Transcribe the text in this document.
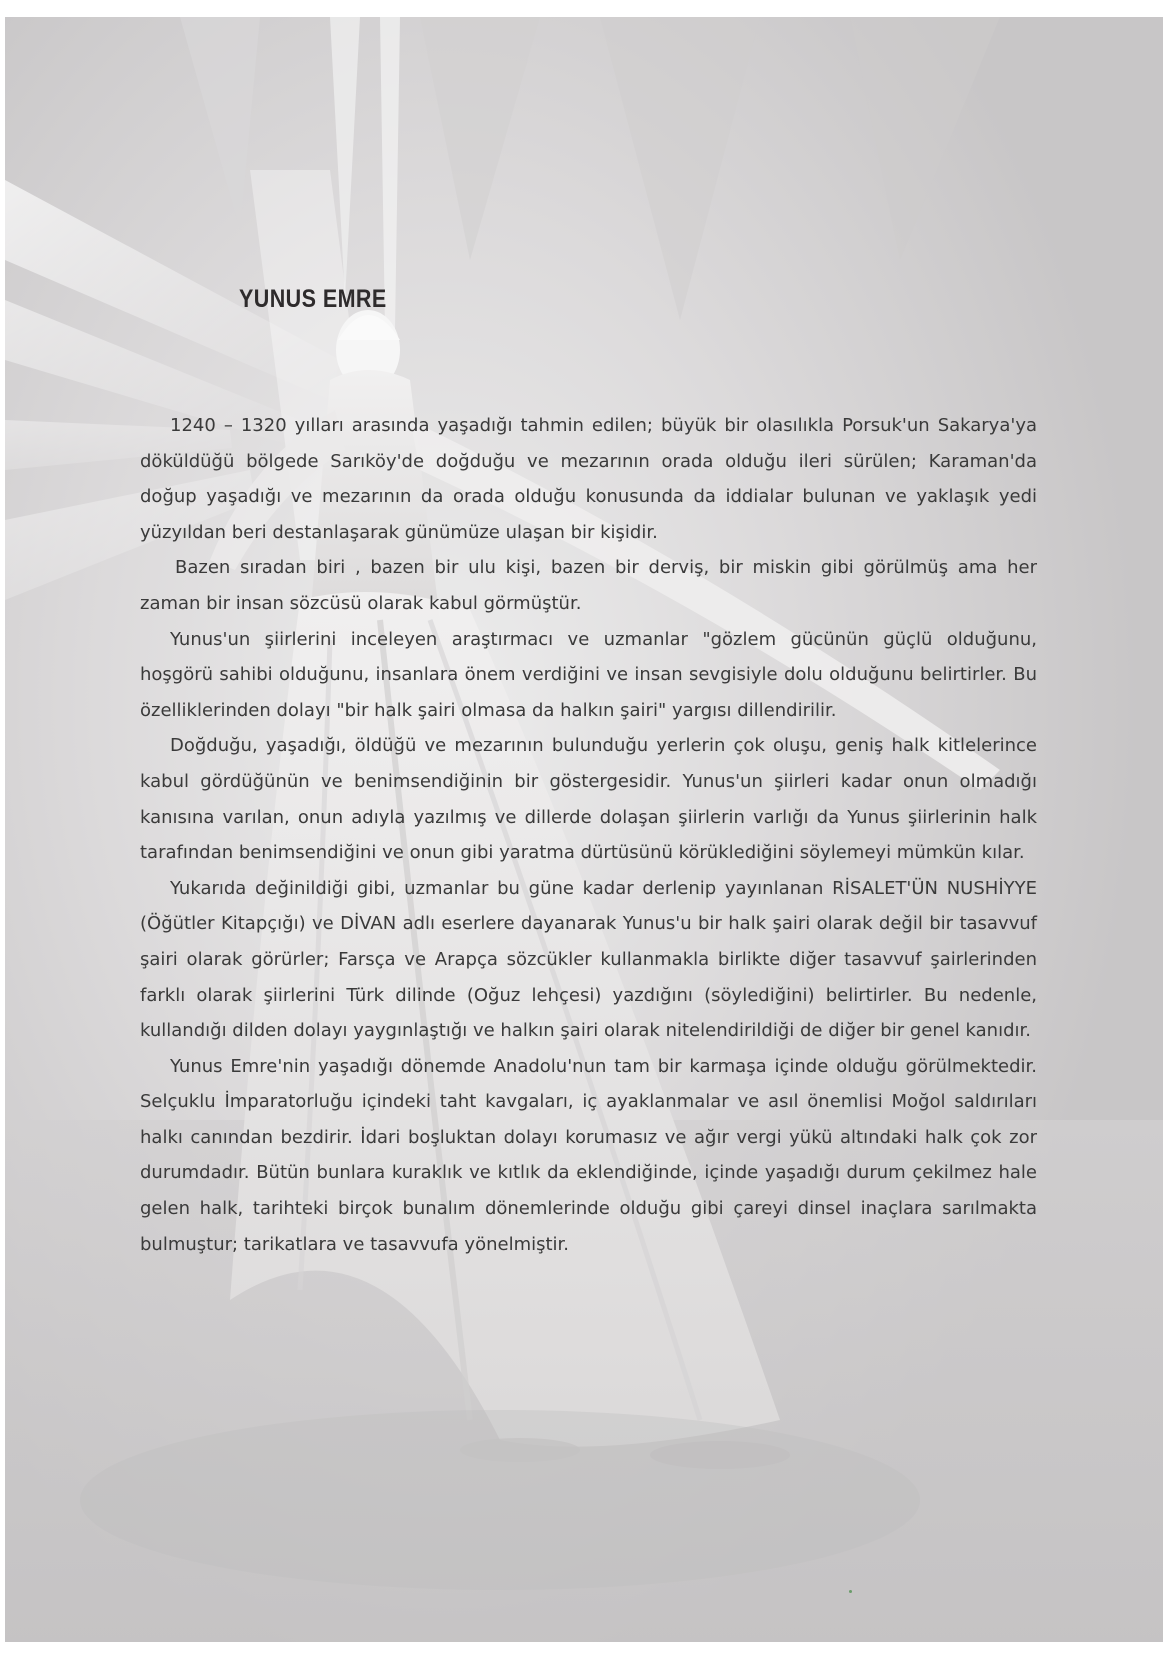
YUNUS EMRE

1240 – 1320 yılları arasında yaşadığı tahmin edilen; büyük bir olasılıkla Porsuk'un Sakarya'ya döküldüğü bölgede Sarıköy'de doğduğu ve mezarının orada olduğu ileri sürülen; Karaman'da doğup yaşadığı ve mezarının da orada olduğu konusunda da iddialar bulunan ve yaklaşık yedi yüzyıldan beri destanlaşarak günümüze ulaşan bir kişidir.

Bazen sıradan biri , bazen bir ulu kişi, bazen bir derviş, bir miskin gibi görülmüş ama her zaman bir insan sözcüsü olarak kabul görmüştür.

Yunus'un şiirlerini inceleyen araştırmacı ve uzmanlar "gözlem gücünün güçlü olduğunu, hoşgörü sahibi olduğunu, insanlara önem verdiğini ve insan sevgisiyle dolu olduğunu belirtirler. Bu özelliklerinden dolayı "bir halk şairi olmasa da halkın şairi" yargısı dillendirilir.

Doğduğu, yaşadığı, öldüğü ve mezarının bulunduğu yerlerin çok oluşu, geniş halk kitlelerince kabul gördüğünün ve benimsendiğinin bir göstergesidir. Yunus'un şiirleri kadar onun olmadığı kanısına varılan, onun adıyla yazılmış ve dillerde dolaşan şiirlerin varlığı da Yunus şiirlerinin halk tarafından benimsendiğini ve onun gibi yaratma dürtüsünü körüklediğini söylemeyi mümkün kılar.

Yukarıda değinildiği gibi, uzmanlar bu güne kadar derlenip yayınlanan RİSALET'ÜN NUSHİYYE (Öğütler Kitapçığı) ve DİVAN adlı eserlere dayanarak Yunus'u bir halk şairi olarak değil bir tasavvuf şairi olarak görürler; Farsça ve Arapça sözcükler kullanmakla birlikte diğer tasavvuf şairlerinden farklı olarak şiirlerini Türk dilinde (Oğuz lehçesi) yazdığını (söylediğini) belirtirler. Bu nedenle, kullandığı dilden dolayı yaygınlaştığı ve halkın şairi olarak nitelendirildiği de diğer bir genel kanıdır.

Yunus Emre'nin yaşadığı dönemde Anadolu'nun tam bir karmaşa içinde olduğu görülmektedir. Selçuklu İmparatorluğu içindeki taht kavgaları, iç ayaklanmalar ve asıl önemlisi Moğol saldırıları halkı canından bezdirir. İdari boşluktan dolayı korumasız ve ağır vergi yükü altındaki halk çok zor durumdadır. Bütün bunlara kuraklık ve kıtlık da eklendiğinde, içinde yaşadığı durum çekilmez hale gelen halk, tarihteki birçok bunalım dönemlerinde olduğu gibi çareyi dinsel inaçlara sarılmakta bulmuştur; tarikatlara ve tasavvufa yönelmiştir.
